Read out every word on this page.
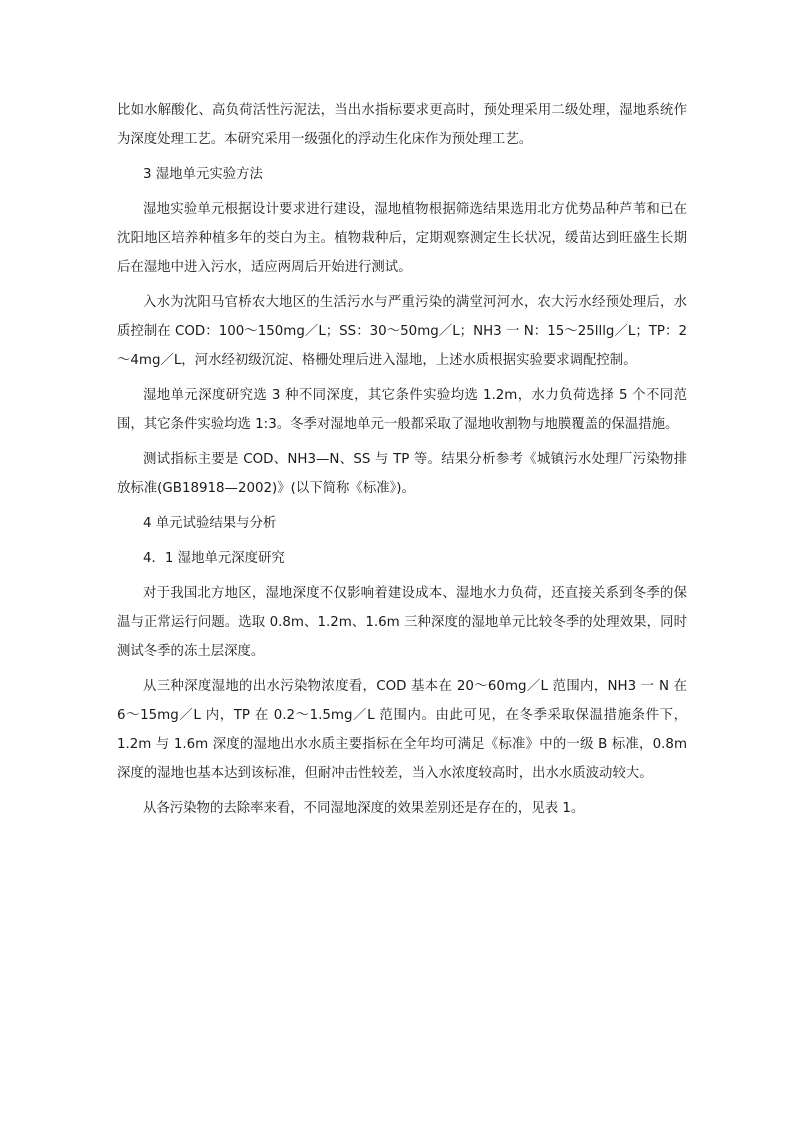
比如水解酸化、高负荷活性污泥法，当出水指标要求更高时，预处理采用二级处理，湿地系统作为深度处理工艺。本研究采用一级强化的浮动生化床作为预处理工艺。

3 湿地单元实验方法

湿地实验单元根据设计要求进行建设，湿地植物根据筛选结果选用北方优势品种芦苇和已在沈阳地区培养种植多年的茭白为主。植物栽种后，定期观察测定生长状况，缓苗达到旺盛生长期后在湿地中进入污水，适应两周后开始进行测试。

入水为沈阳马官桥农大地区的生活污水与严重污染的满堂河河水，农大污水经预处理后，水质控制在 COD：100～150mg／L；SS：30～50mg／L；NH3 一 N：15～25lllg／L；TP：2～4mg／L，河水经初级沉淀、格栅处理后进入湿地，上述水质根据实验要求调配控制。

湿地单元深度研究选 3 种不同深度，其它条件实验均选 1.2m，水力负荷选择 5 个不同范围，其它条件实验均选 1:3。冬季对湿地单元一般都采取了湿地收割物与地膜覆盖的保温措施。

测试指标主要是 COD、NH3—N、SS 与 TP 等。结果分析参考《城镇污水处理厂污染物排放标准(GB18918—2002)》(以下简称《标准》)。

4 单元试验结果与分析

4．1 湿地单元深度研究

对于我国北方地区，湿地深度不仅影响着建设成本、湿地水力负荷，还直接关系到冬季的保温与正常运行问题。选取 0.8m、1.2m、1.6m 三种深度的湿地单元比较冬季的处理效果，同时测试冬季的冻土层深度。

从三种深度湿地的出水污染物浓度看，COD 基本在 20～60mg／L 范围内，NH3 一 N 在 6～15mg／L 内，TP 在 0.2～1.5mg／L 范围内。由此可见，在冬季采取保温措施条件下，1.2m 与 1.6m 深度的湿地出水水质主要指标在全年均可满足《标准》中的一级 B 标准，0.8m 深度的湿地也基本达到该标准，但耐冲击性较差，当入水浓度较高时，出水水质波动较大。

从各污染物的去除率来看，不同湿地深度的效果差别还是存在的，见表 1。
